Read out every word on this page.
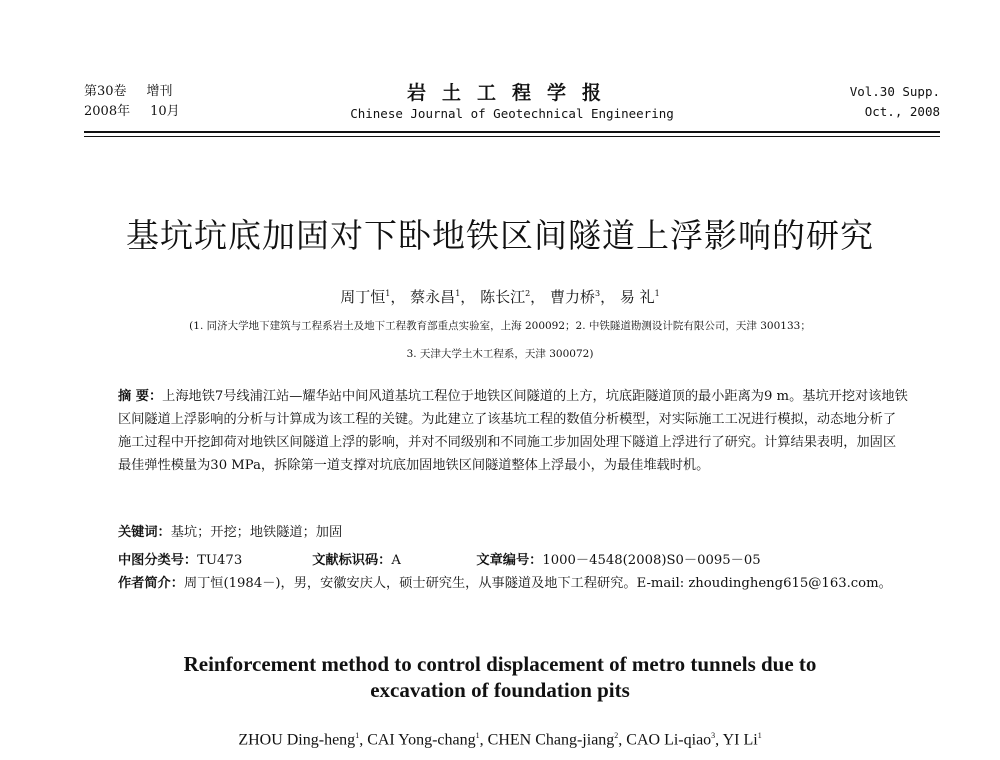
第30卷 增刊
2008年 10月
岩土工程学报
Chinese Journal of Geotechnical Engineering
Vol.30 Supp.
Oct., 2008
基坑坑底加固对下卧地铁区间隧道上浮影响的研究
周丁恒$^1$， 蔡永昌$^1$， 陈长江$^2$， 曹力桥$^3$， 易 礼$^1$
(1. 同济大学地下建筑与工程系岩土及地下工程教育部重点实验室，上海 200092；2. 中铁隧道勘测设计院有限公司，天津 300133；
3. 天津大学土木工程系，天津 300072)
摘 要：上海地铁7号线浦江站—耀华站中间风道基坑工程位于地铁区间隧道的上方，坑底距隧道顶的最小距离为9 m。基坑开挖对该地铁区间隧道上浮影响的分析与计算成为该工程的关键。为此建立了该基坑工程的数值分析模型，对实际施工工况进行模拟，动态地分析了施工过程中开挖卸荷对地铁区间隧道上浮的影响，并对不同级别和不同施工步加固处理下隧道上浮进行了研究。计算结果表明，加固区最佳弹性模量为30 MPa，拆除第一道支撑对坑底加固地铁区间隧道整体上浮最小，为最佳堆载时机。
关键词：基坑；开挖；地铁隧道；加固
中图分类号：TU473	文献标识码：A	文章编号：1000－4548(2008)S0－0095－05
作者简介：周丁恒(1984－)，男，安徽安庆人，硕士研究生，从事隧道及地下工程研究。E-mail: zhoudingheng615@163.com。
Reinforcement method to control displacement of metro tunnels due to
excavation of foundation pits
ZHOU Ding-heng$^1$, CAI Yong-chang$^1$, CHEN Chang-jiang$^2$, CAO Li-qiao$^3$, YI Li$^1$
